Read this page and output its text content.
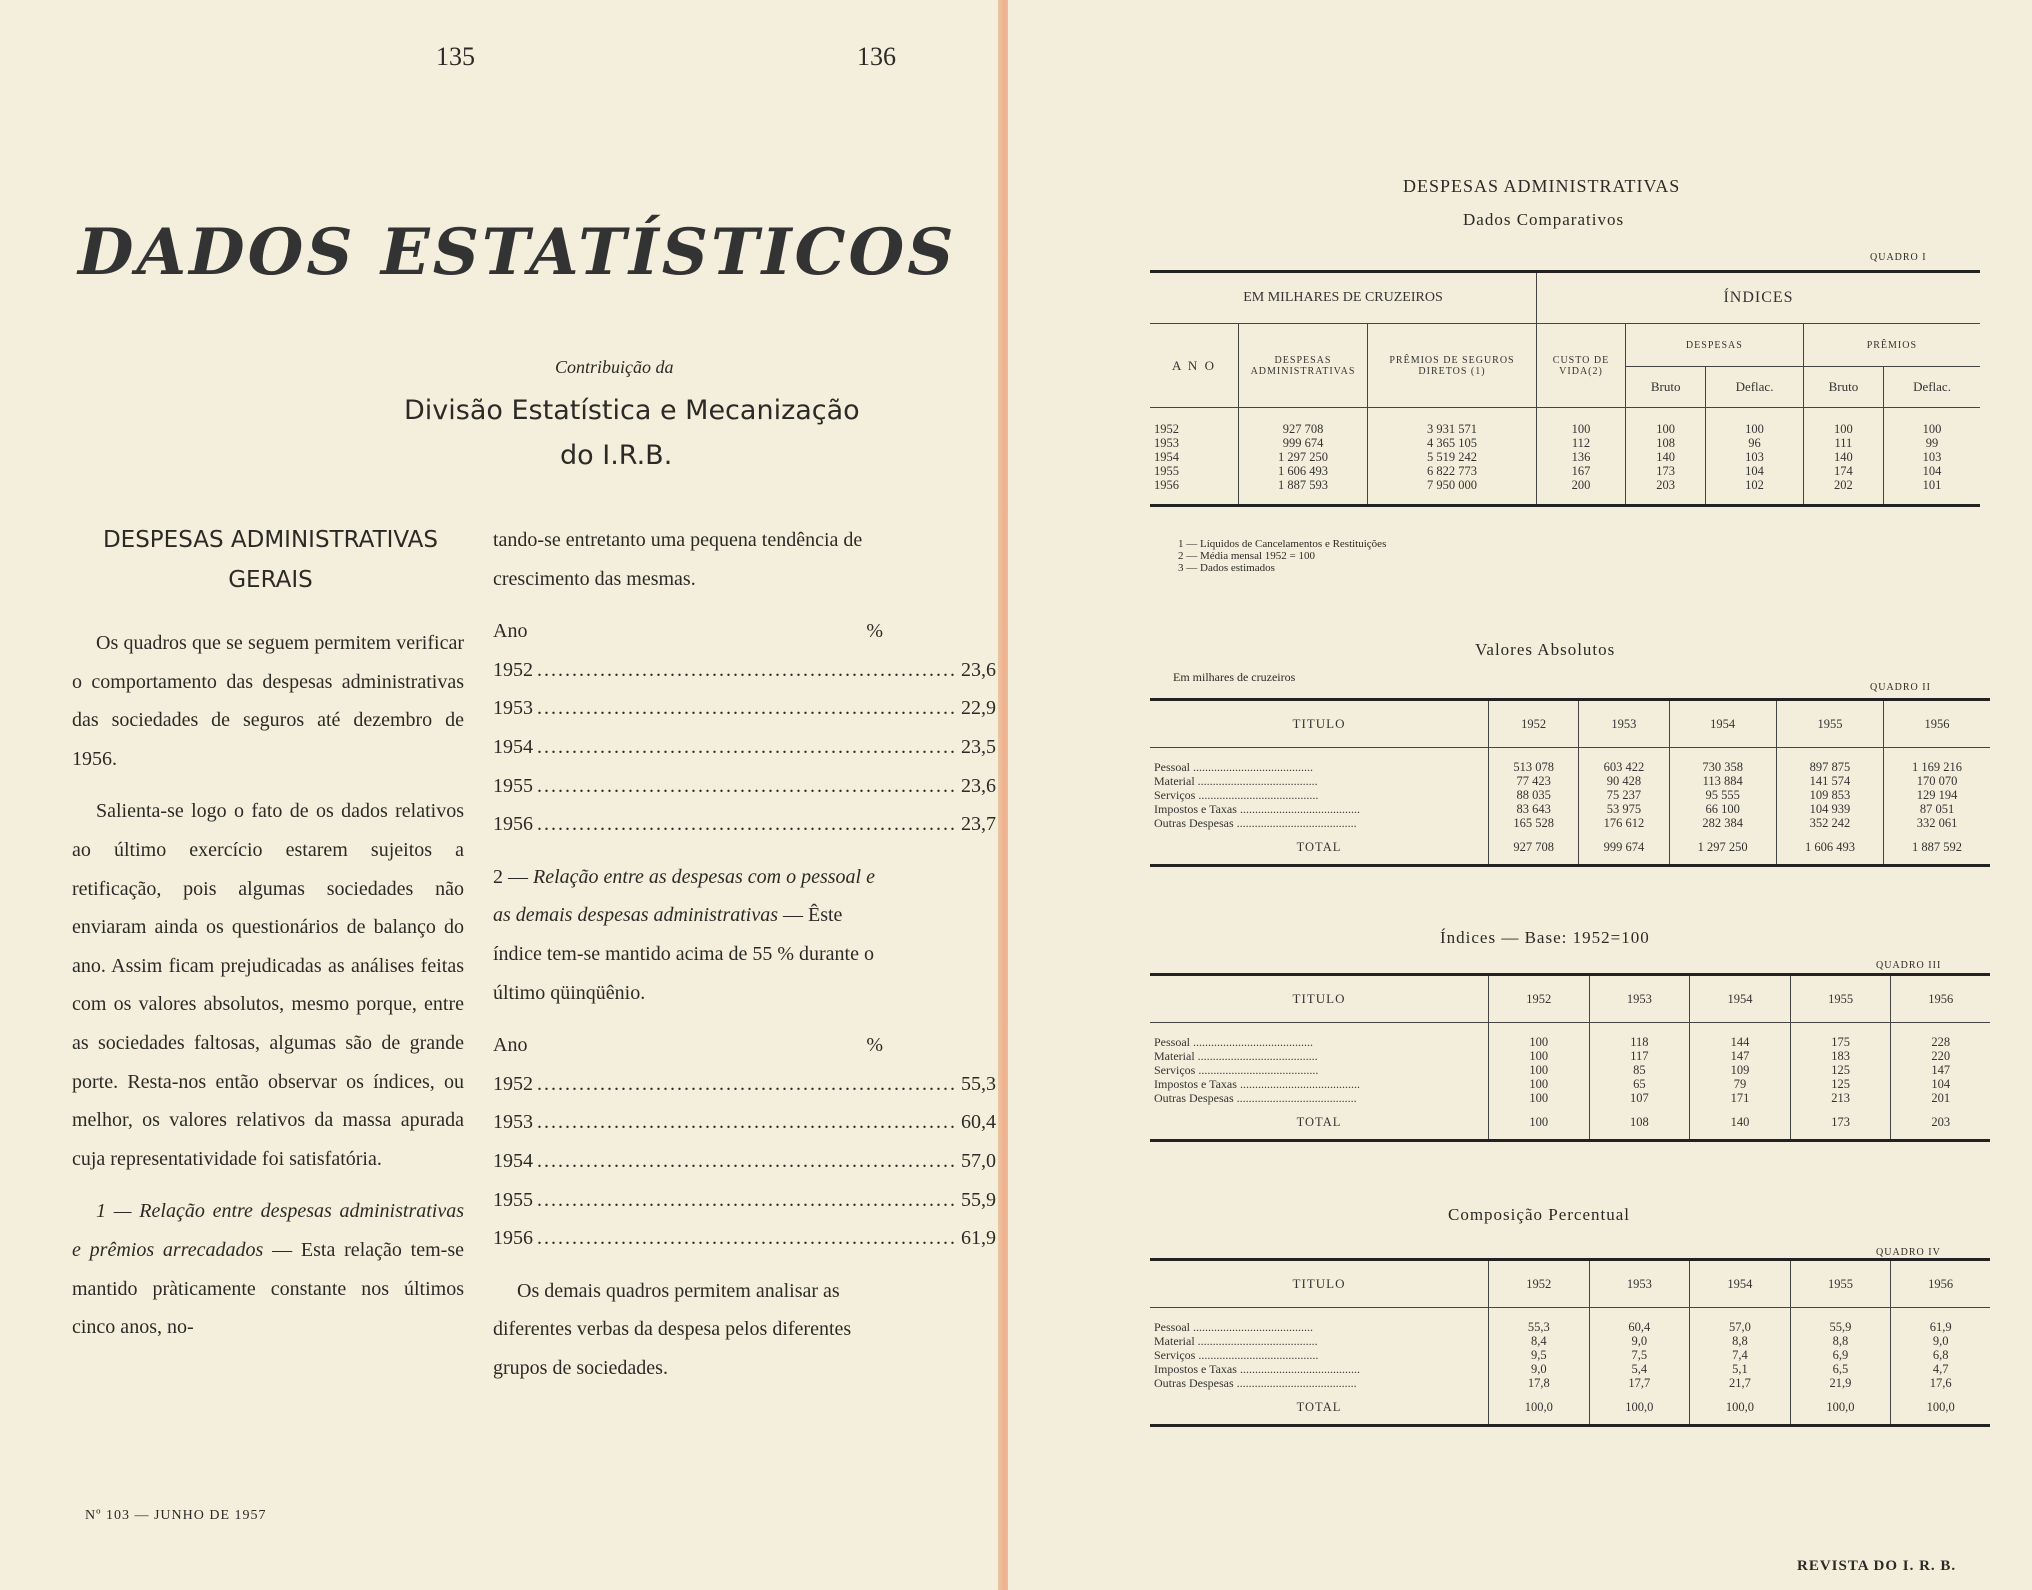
135	136
DADOS ESTATÍSTICOS
Contribuição da
Divisão Estatística e Mecanização
do I.R.B.
DESPESAS ADMINISTRATIVAS
GERAIS

Os quadros que se seguem permitem verificar o comportamento das despesas administrativas das sociedades de seguros até dezembro de 1956.

Salienta-se logo o fato de os dados relativos ao último exercício estarem sujeitos a retificação, pois algumas sociedades não enviaram ainda os questionários de balanço do ano. Assim ficam prejudicadas as análises feitas com os valores absolutos, mesmo porque, entre as sociedades faltosas, algumas são de grande porte. Resta-nos então observar os índices, ou melhor, os valores relativos da massa apurada cuja representatividade foi satisfatória.

1 — Relação entre despesas administrativas e prêmios arrecadados — Esta relação tem-se mantido pràticamente constante nos últimos cinco anos, no-

tando-se entretanto uma pequena tendência de crescimento das mesmas.

Ano	%
1952 ............................................................ 23,6
1953 ............................................................ 22,9
1954 ............................................................ 23,5
1955 ............................................................ 23,6
1956 ............................................................ 23,7

2 — Relação entre as despesas com o pessoal e as demais despesas administrativas — Êste índice tem-se mantido acima de 55 % durante o último qüinqüênio.

Ano	%
1952 ............................................................ 55,3
1953 ............................................................ 60,4
1954 ............................................................ 57,0
1955 ............................................................ 55,9
1956 ............................................................ 61,9

Os demais quadros permitem analisar as diferentes verbas da despesa pelos diferentes grupos de sociedades.

Nº 103 — JUNHO DE 1957
DESPESAS ADMINISTRATIVAS
Dados Comparativos
QUADRO I
EM MILHARES DE CRUZEIROS			ÍNDICES				
A N O	DESPESAS ADMINISTRATIVAS	PRÊMIOS DE SEGUROS DIRETOS (1)	CUSTO DE VIDA(2)	DESPESAS		PRÊMIOS	
				Bruto	Deflac.	Bruto	Deflac.
1952	927 708	3 931 571	100	100	100	100	100
1953	999 674	4 365 105	112	108	96	111	99
1954	1 297 250	5 519 242	136	140	103	140	103
1955	1 606 493	6 822 773	167	173	104	174	104
1956	1 887 593	7 950 000	200	203	102	202	101
1 — Líquidos de Cancelamentos e Restituições
2 — Média mensal 1952 = 100
3 — Dados estimados
Valores Absolutos
Em milhares de cruzeiros
QUADRO II
TITULO	1952	1953	1954	1955	1956
Pessoal ........................................	513 078	603 422	730 358	897 875	1 169 216
Material ........................................	77 423	90 428	113 884	141 574	170 070
Serviços ........................................	88 035	75 237	95 555	109 853	129 194
Impostos e Taxas ........................................	83 643	53 975	66 100	104 939	87 051
Outras Despesas ........................................	165 528	176 612	282 384	352 242	332 061
TOTAL	927 708	999 674	1 297 250	1 606 493	1 887 592
Índices — Base: 1952=100
QUADRO III
TITULO	1952	1953	1954	1955	1956
Pessoal ........................................	100	118	144	175	228
Material ........................................	100	117	147	183	220
Serviços ........................................	100	85	109	125	147
Impostos e Taxas ........................................	100	65	79	125	104
Outras Despesas ........................................	100	107	171	213	201
TOTAL	100	108	140	173	203
Composição Percentual
QUADRO IV
TITULO	1952	1953	1954	1955	1956
Pessoal ........................................	55,3	60,4	57,0	55,9	61,9
Material ........................................	8,4	9,0	8,8	8,8	9,0
Serviços ........................................	9,5	7,5	7,4	6,9	6,8
Impostos e Taxas ........................................	9,0	5,4	5,1	6,5	4,7
Outras Despesas ........................................	17,8	17,7	21,7	21,9	17,6
TOTAL	100,0	100,0	100,0	100,0	100,0
REVISTA DO I. R. B.
